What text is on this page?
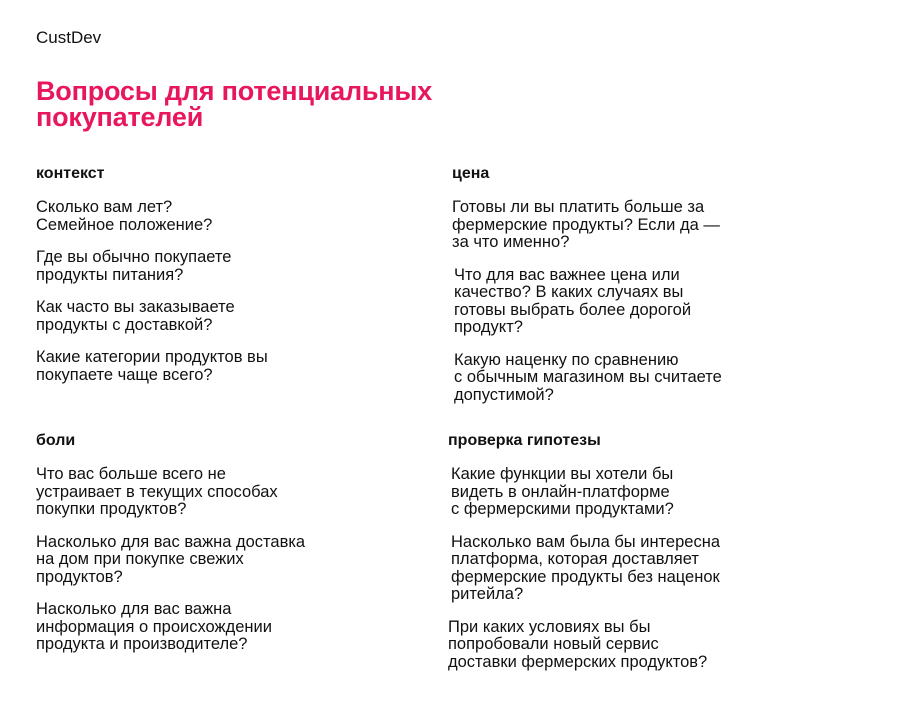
CustDev
Вопросы для потенциальных
покупателей
контекст

Сколько вам лет?
Семейное положение?

Где вы обычно покупаете
продукты питания?

Как часто вы заказываете
продукты с доставкой?

Какие категории продуктов вы
покупаете чаще всего?

цена

Готовы ли вы платить больше за
фермерские продукты? Если да —
за что именно?

Что для вас важнее цена или
качество? В каких случаях вы
готовы выбрать более дорогой
продукт?

Какую наценку по сравнению
с обычным магазином вы считаете
допустимой?

боли

Что вас больше всего не
устраивает в текущих способах
покупки продуктов?

Насколько для вас важна доставка
на дом при покупке свежих
продуктов?

Насколько для вас важна
информация о происхождении
продукта и производителе?

проверка гипотезы

Какие функции вы хотели бы
видеть в онлайн-платформе
с фермерскими продуктами?

Насколько вам была бы интересна
платформа, которая доставляет
фермерские продукты без наценок
ритейла?

При каких условиях вы бы
попробовали новый сервис
доставки фермерских продуктов?
